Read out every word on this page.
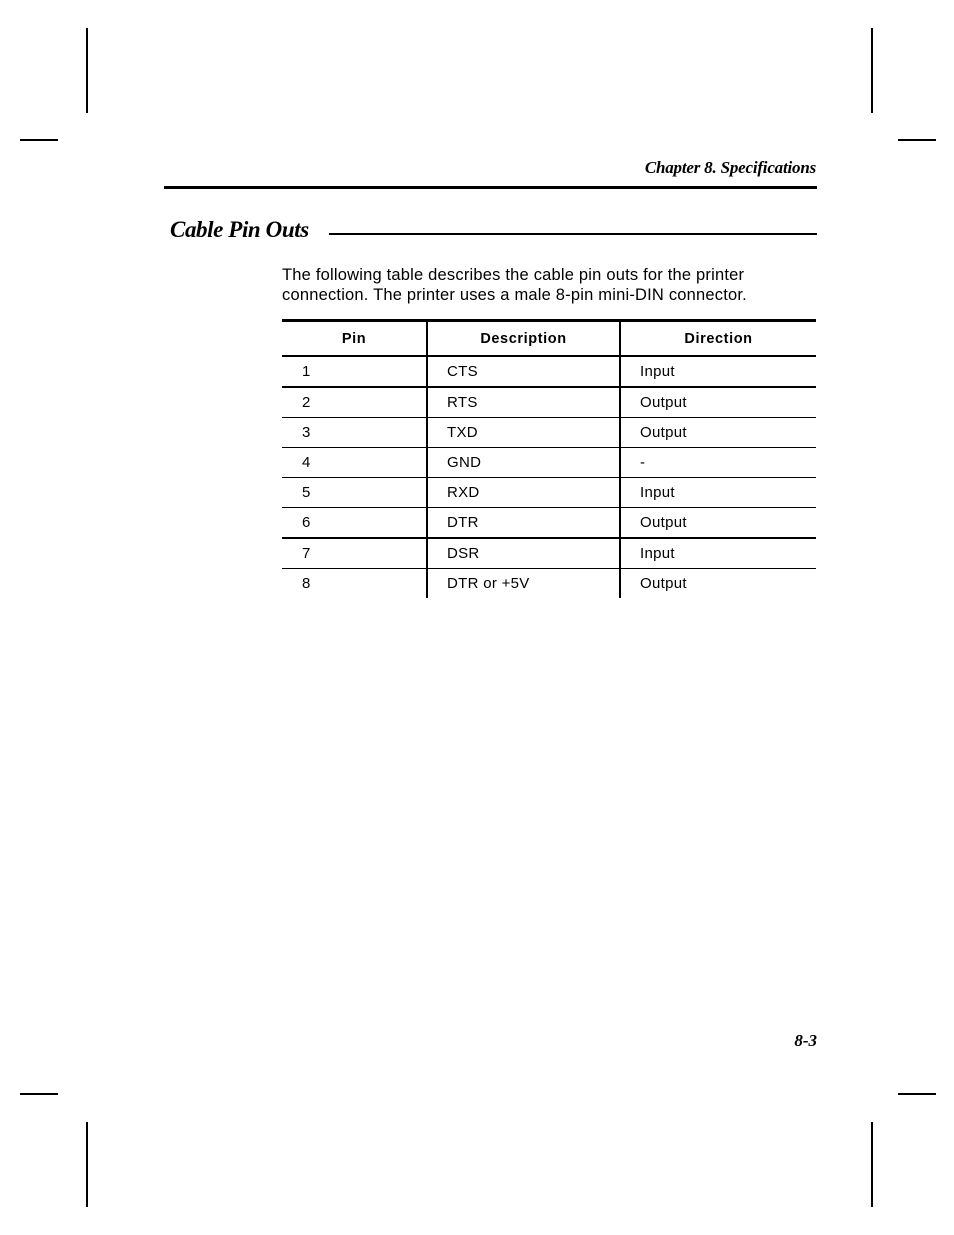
Chapter 8. Specifications
Cable Pin Outs

The following table describes the cable pin outs for the printer

connection. The printer uses a male 8-pin mini-DIN connector.

Pin	Description	Direction
1	CTS	Input
2	RTS	Output
3	TXD	Output
4	GND	-
5	RXD	Input
6	DTR	Output
7	DSR	Input
8	DTR or +5V	Output
8-3
